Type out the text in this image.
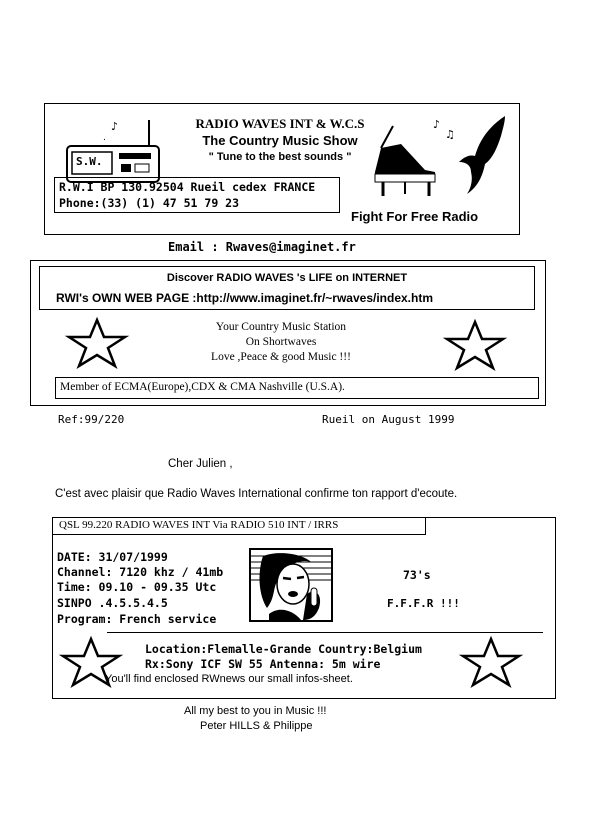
♪
.
S.W.
RADIO WAVES INT & W.C.S
The Country Music Show
" Tune to the best sounds "
R.W.I BP 130.92504 Rueil cedex FRANCE
Phone:(33) (1) 47 51 79 23
♪
♫
Fight For Free Radio
Email : Rwaves@imaginet.fr
Discover RADIO WAVES 's LIFE on INTERNET
RWI's OWN WEB PAGE :http://www.imaginet.fr/~rwaves/index.htm
Your Country Music Station
On Shortwaves
Love ,Peace & good Music !!!
Member of ECMA(Europe),CDX & CMA Nashville (U.S.A).
Ref:99/220	Rueil on August 1999
Cher Julien ,
C'est avec plaisir que Radio Waves International confirme ton rapport d'ecoute.
QSL 99.220 RADIO WAVES INT Via RADIO 510 INT / IRRS
DATE: 31/07/1999
Channel: 7120 khz / 41mb
Time: 09.10 - 09.35 Utc
SINPO .4.5.5.4.5
Program: French service
73's
F.F.F.R !!!
Location:Flemalle-Grande Country:Belgium
Rx:Sony ICF SW 55 Antenna: 5m wire
You'll find enclosed RWnews our small infos-sheet.
All my best to you in Music !!!
Peter HILLS & Philippe
